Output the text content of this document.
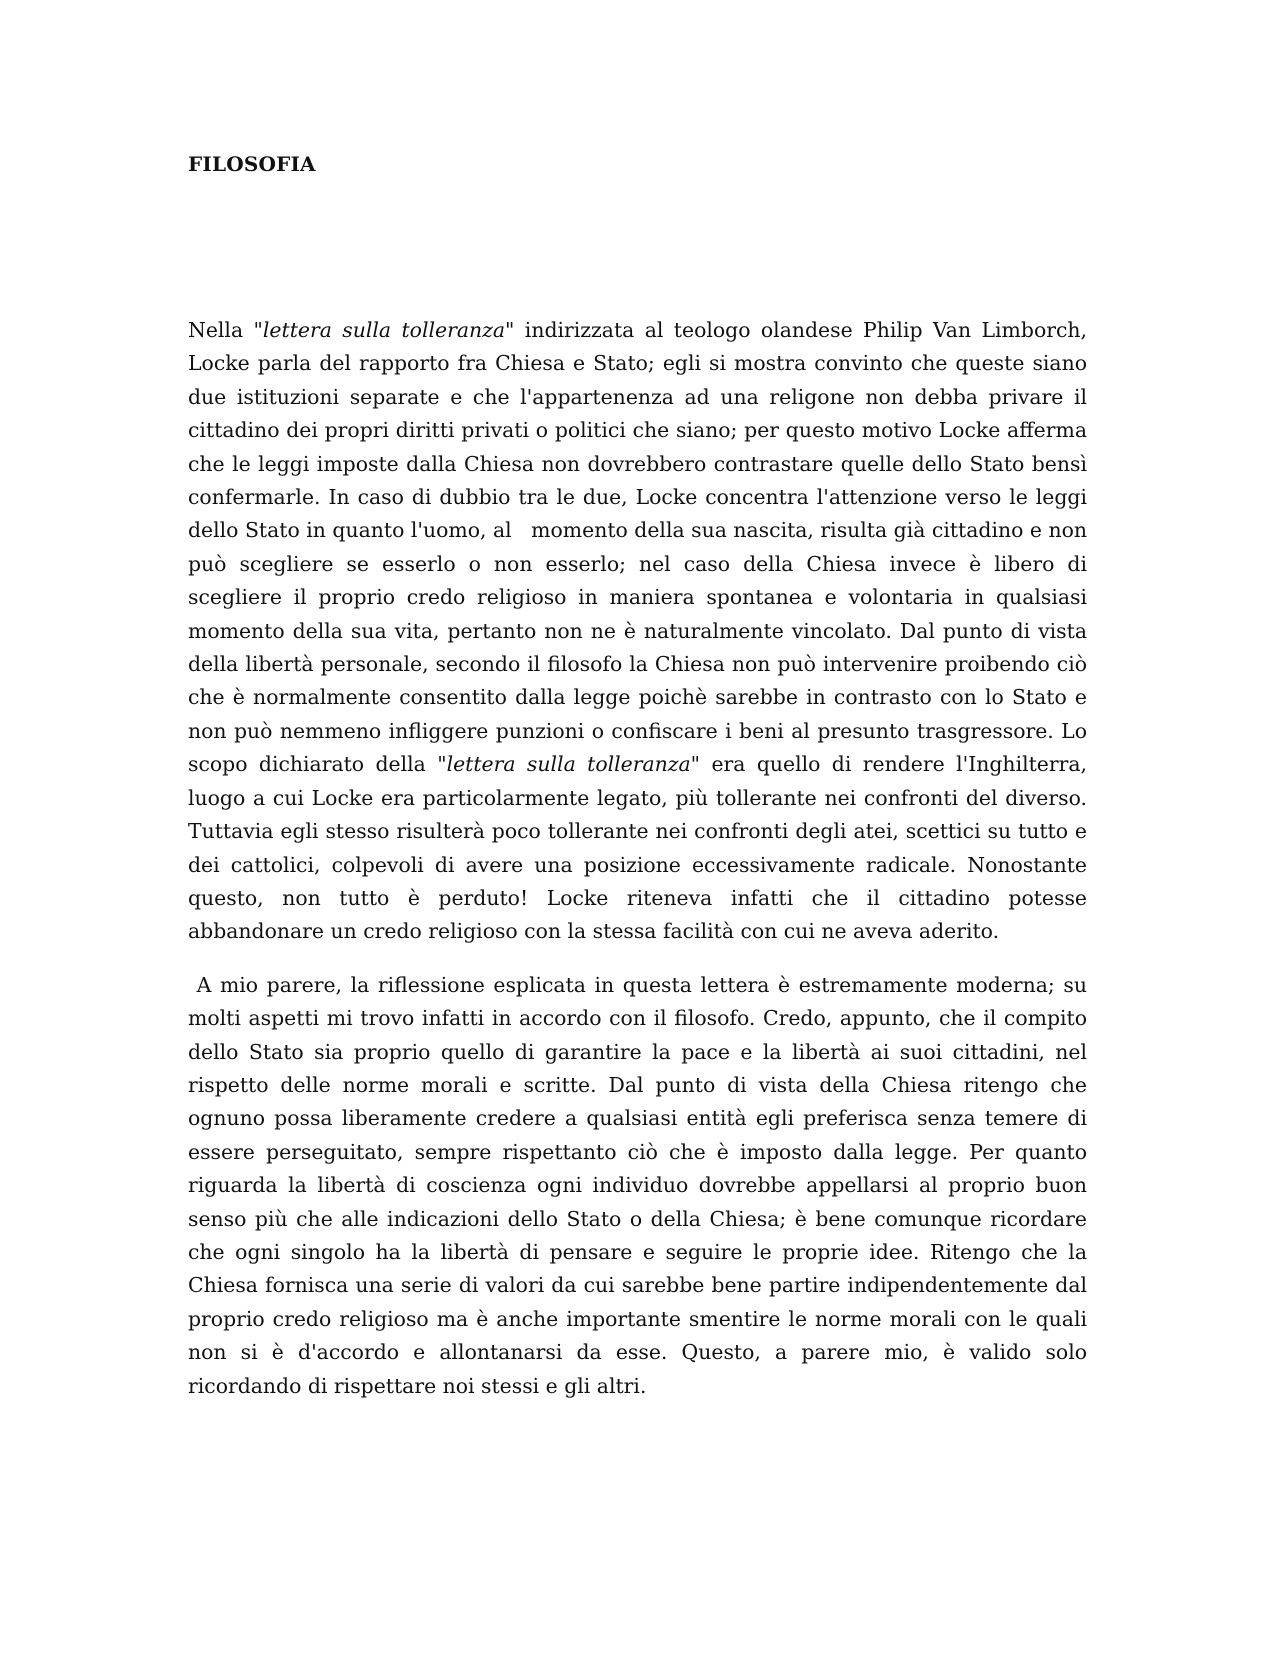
FILOSOFIA

Nella "lettera sulla tolleranza" indirizzata al teologo olandese Philip Van Limborch, Locke parla del rapporto fra Chiesa e Stato; egli si mostra convinto che queste siano due istituzioni separate e che l'appartenenza ad una religone non debba privare il cittadino dei propri diritti privati o politici che siano; per questo motivo Locke afferma che le leggi imposte dalla Chiesa non dovrebbero contrastare quelle dello Stato bensì confermarle. In caso di dubbio tra le due, Locke concentra l'attenzione verso le leggi dello Stato in quanto l'uomo, al   momento della sua nascita, risulta già cittadino e non può scegliere se esserlo o non esserlo; nel caso della Chiesa invece è libero di scegliere il proprio credo religioso in maniera spontanea e volontaria in qualsiasi momento della sua vita, pertanto non ne è naturalmente vincolato. Dal punto di vista della libertà personale, secondo il filosofo la Chiesa non può intervenire proibendo ciò che è normalmente consentito dalla legge poichè sarebbe in contrasto con lo Stato e non può nemmeno infliggere punzioni o confiscare i beni al presunto trasgressore. Lo scopo dichiarato della "lettera sulla tolleranza" era quello di rendere l'Inghilterra, luogo a cui Locke era particolarmente legato, più tollerante nei confronti del diverso. Tuttavia egli stesso risulterà poco tollerante nei confronti degli atei, scettici su tutto e dei cattolici, colpevoli di avere una posizione eccessivamente radicale. Nonostante questo, non tutto è perduto! Locke riteneva infatti che il cittadino potesse abbandonare un credo religioso con la stessa facilità con cui ne aveva aderito.

A mio parere, la riflessione esplicata in questa lettera è estremamente moderna; su molti aspetti mi trovo infatti in accordo con il filosofo. Credo, appunto, che il compito dello Stato sia proprio quello di garantire la pace e la libertà ai suoi cittadini, nel rispetto delle norme morali e scritte. Dal punto di vista della Chiesa ritengo che ognuno possa liberamente credere a qualsiasi entità egli preferisca senza temere di essere perseguitato, sempre rispettanto ciò che è imposto dalla legge. Per quanto riguarda la libertà di coscienza ogni individuo dovrebbe appellarsi al proprio buon senso più che alle indicazioni dello Stato o della Chiesa; è bene comunque ricordare che ogni singolo ha la libertà di pensare e seguire le proprie idee. Ritengo che la Chiesa fornisca una serie di valori da cui sarebbe bene partire indipendentemente dal proprio credo religioso ma è anche importante smentire le norme morali con le quali non si è d'accordo e allontanarsi da esse. Questo, a parere mio, è valido solo ricordando di rispettare noi stessi e gli altri.
